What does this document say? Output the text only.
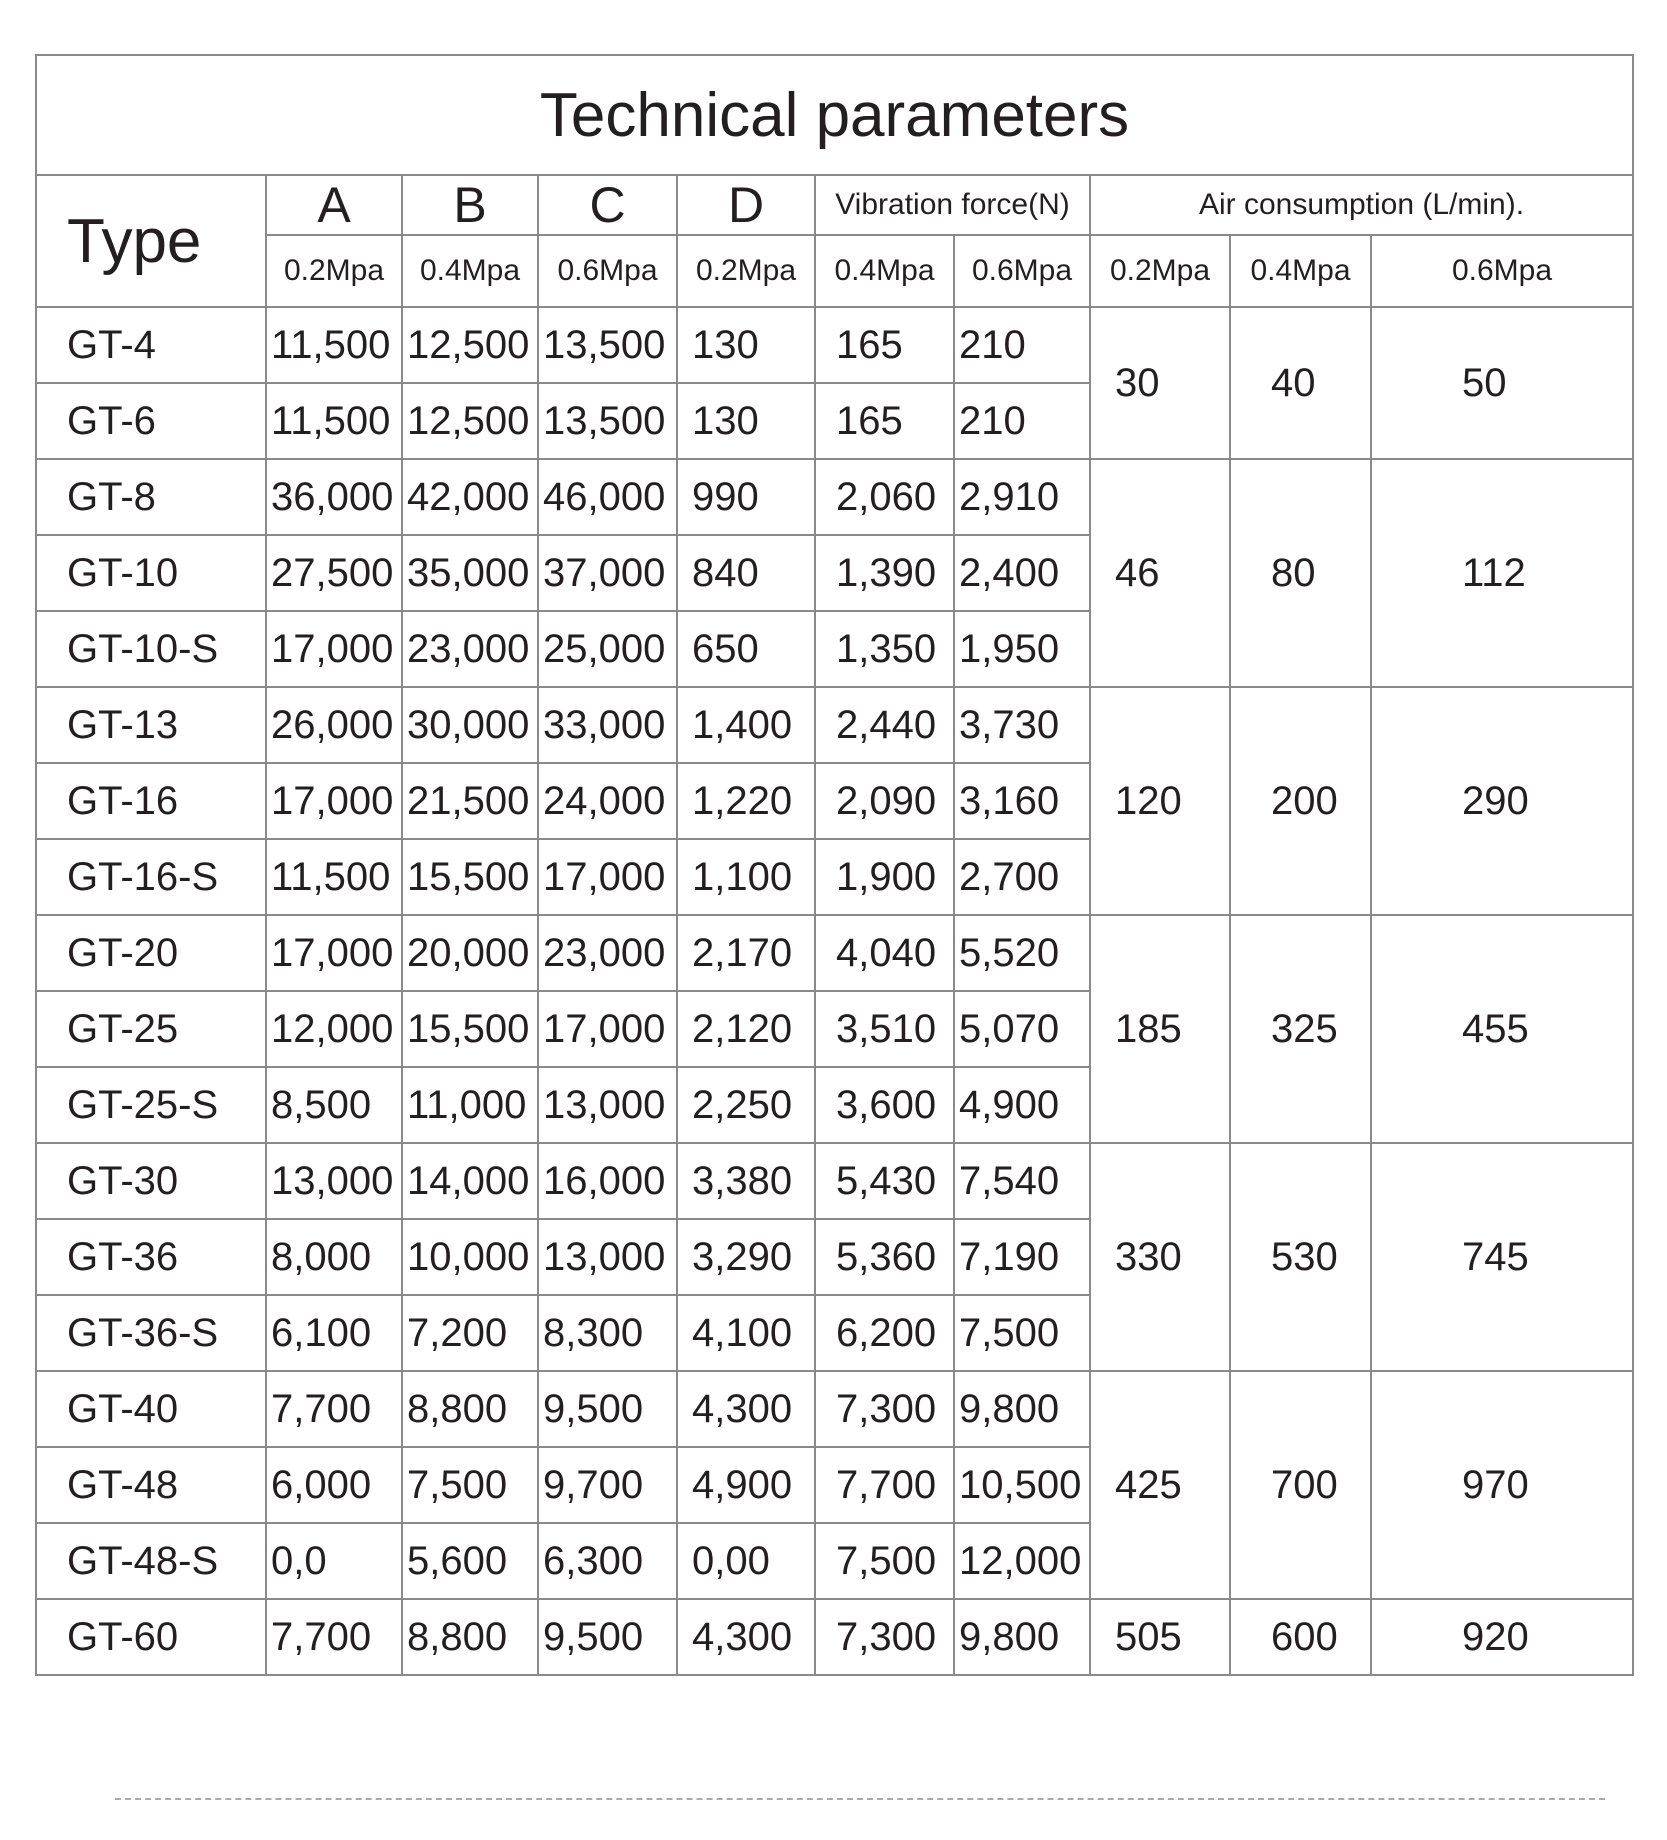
Technical parameters									
Type	A	B	C	D	Vibration force(N)		Air consumption (L/min).		
	0.2Mpa	0.4Mpa	0.6Mpa	0.2Mpa	0.4Mpa	0.6Mpa	0.2Mpa	0.4Mpa	0.6Mpa
GT-4	11,500	12,500	13,500	130	165	210	30	40	50
GT-6	11,500	12,500	13,500	130	165	210			
GT-8	36,000	42,000	46,000	990	2,060	2,910	46	80	112
GT-10	27,500	35,000	37,000	840	1,390	2,400			
GT-10-S	17,000	23,000	25,000	650	1,350	1,950			
GT-13	26,000	30,000	33,000	1,400	2,440	3,730	120	200	290
GT-16	17,000	21,500	24,000	1,220	2,090	3,160			
GT-16-S	11,500	15,500	17,000	1,100	1,900	2,700			
GT-20	17,000	20,000	23,000	2,170	4,040	5,520	185	325	455
GT-25	12,000	15,500	17,000	2,120	3,510	5,070			
GT-25-S	8,500	11,000	13,000	2,250	3,600	4,900			
GT-30	13,000	14,000	16,000	3,380	5,430	7,540	330	530	745
GT-36	8,000	10,000	13,000	3,290	5,360	7,190			
GT-36-S	6,100	7,200	8,300	4,100	6,200	7,500			
GT-40	7,700	8,800	9,500	4,300	7,300	9,800	425	700	970
GT-48	6,000	7,500	9,700	4,900	7,700	10,500			
GT-48-S	0,0	5,600	6,300	0,00	7,500	12,000			
GT-60	7,700	8,800	9,500	4,300	7,300	9,800	505	600	920
